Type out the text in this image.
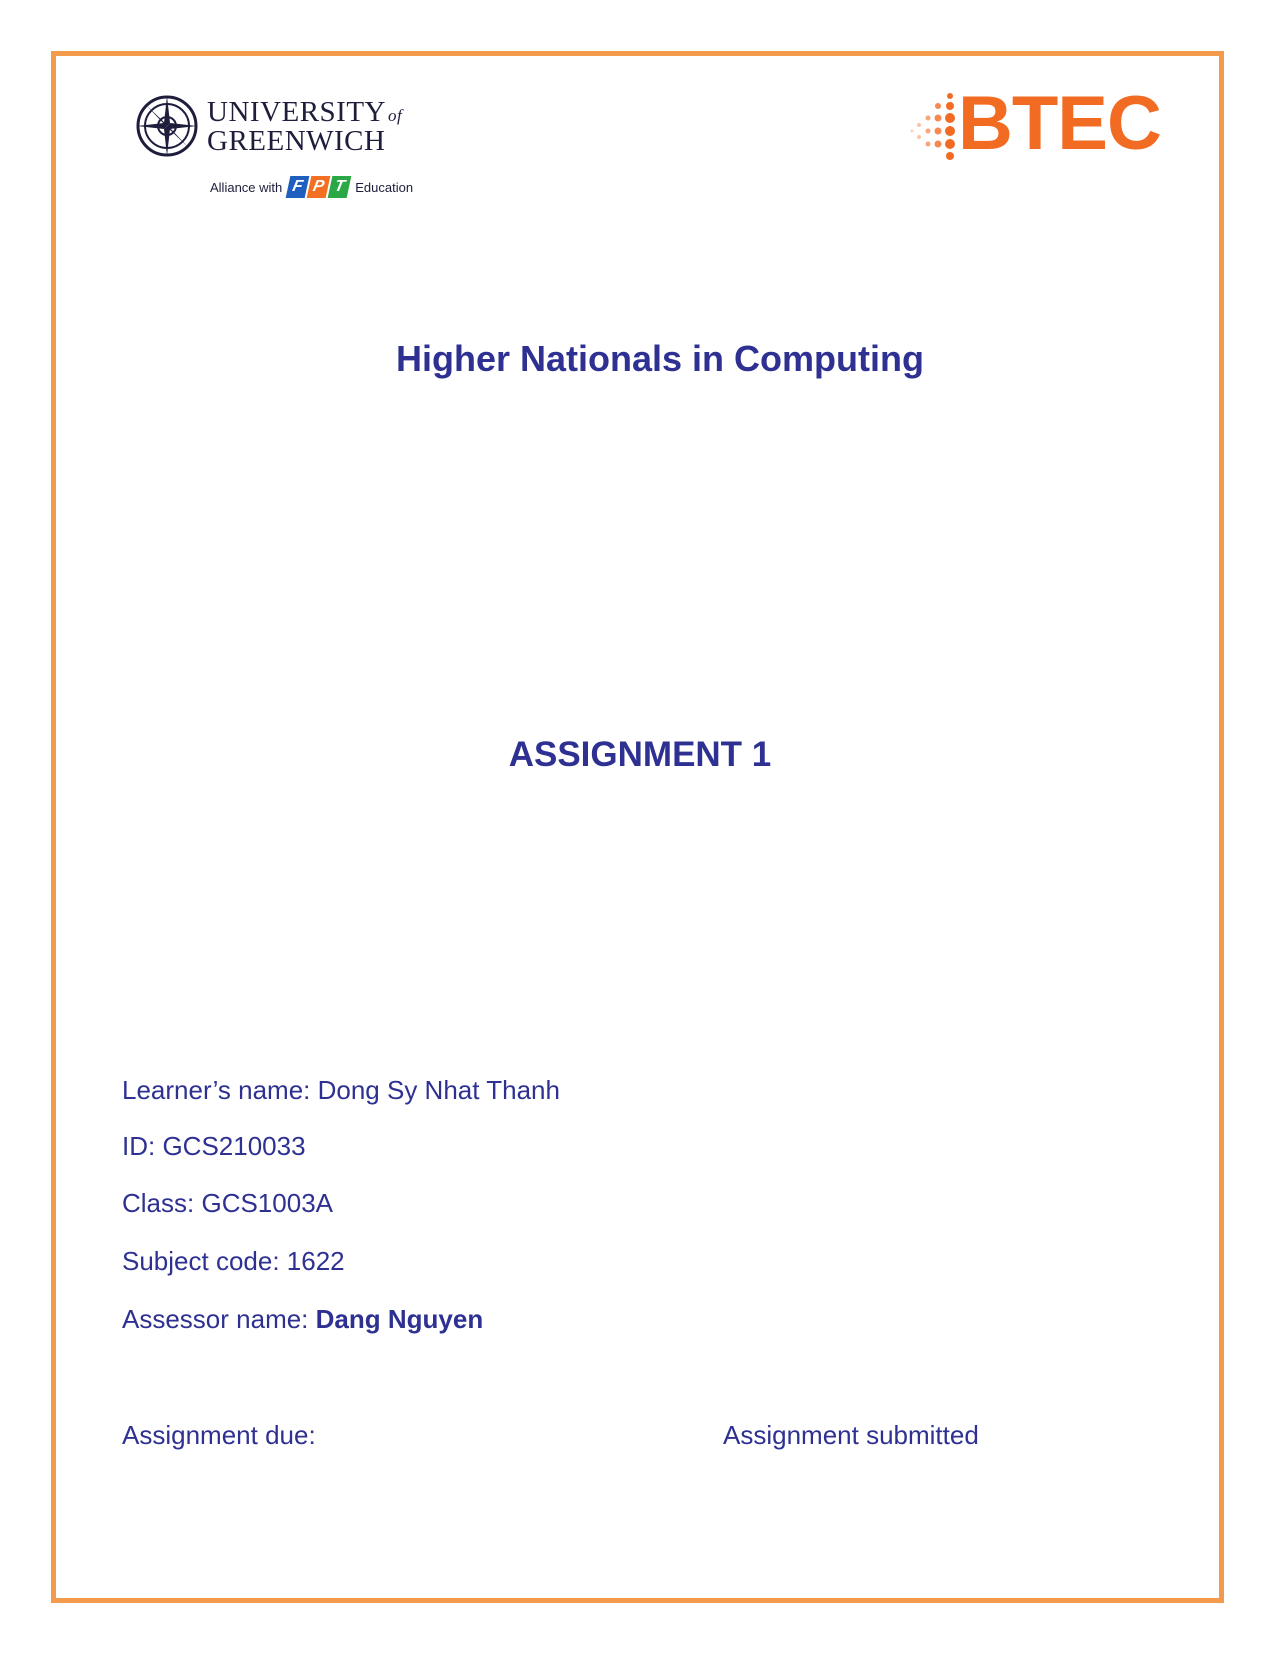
UNIVERSITY of
GREENWICH
Alliance with F P T Education
BTEC
Higher Nationals in Computing
ASSIGNMENT 1
Learner’s name: Dong Sy Nhat Thanh
ID: GCS210033
Class: GCS1003A
Subject code: 1622
Assessor name: Dang Nguyen
Assignment due:	Assignment submitted
